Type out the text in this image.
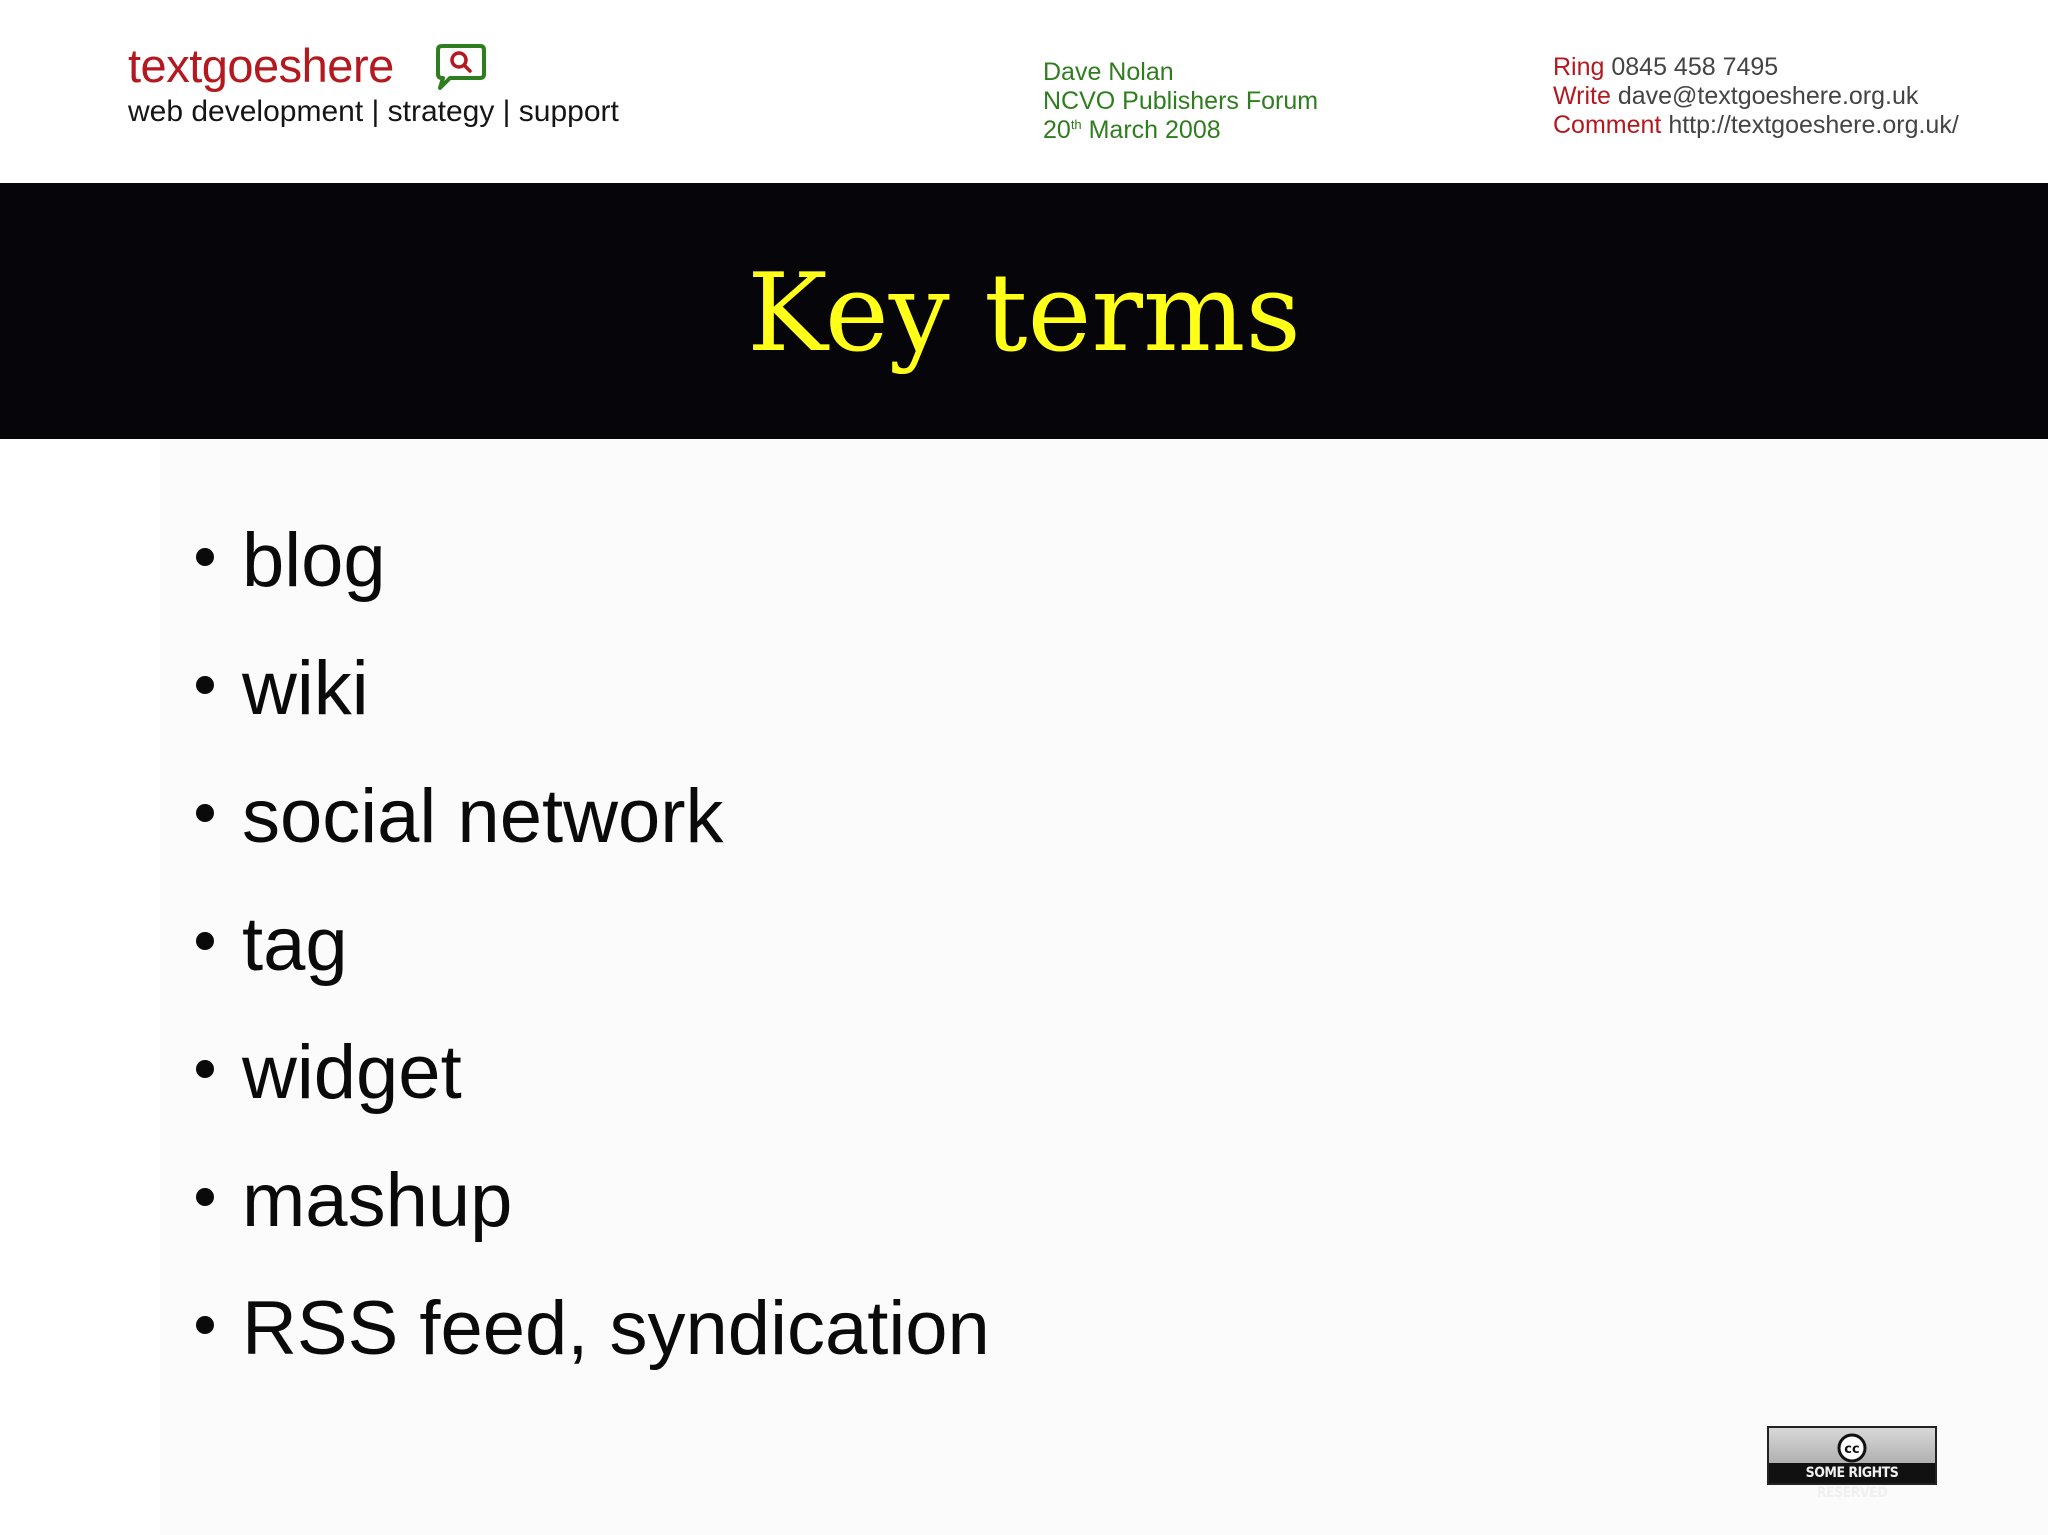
textgoeshere
web development | strategy | support
Dave Nolan
NCVO Publishers Forum
20th March 2008
Ring 0845 458 7495
Write dave@textgoeshere.org.uk
Comment http://textgoeshere.org.uk/
Key terms
blog
wiki
social network
tag
widget
mashup
RSS feed, syndication
cc
SOME RIGHTS RESERVED
